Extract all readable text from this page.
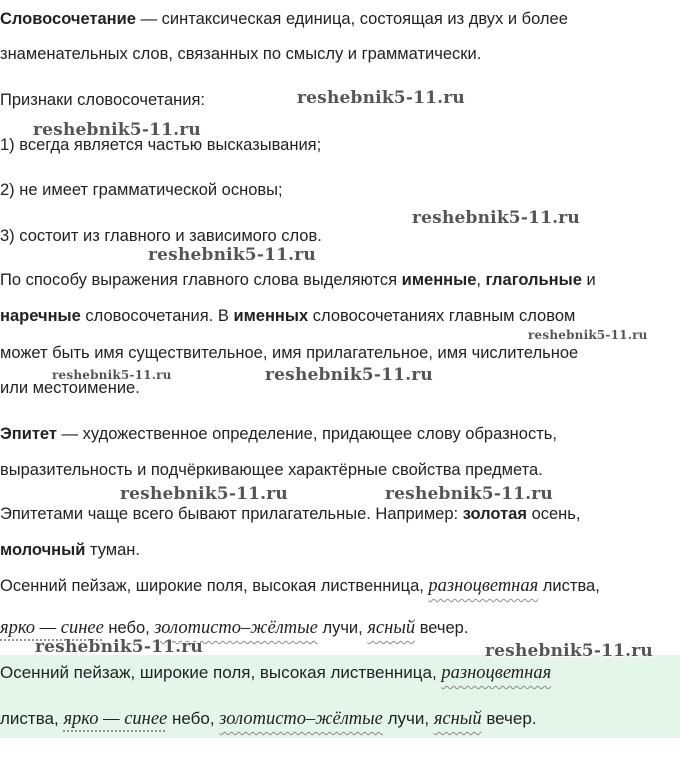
Словосочетание — синтаксическая единица, состоящая из двух и более
знаменательных слов, связанных по смыслу и грамматически.
Признаки словосочетания:
1) всегда является частью высказывания;
2) не имеет грамматической основы;
3) состоит из главного и зависимого слов.
По способу выражения главного слова выделяются именные, глагольные и
наречные словосочетания. В именных словосочетаниях главным словом
может быть имя существительное, имя прилагательное, имя числительное
или местоимение.
Эпитет — художественное определение, придающее слову образность,
выразительность и подчёркивающее характёрные свойства предмета.
Эпитетами чаще всего бывают прилагательные. Например: золотая осень,
молочный туман.
Осенний пейзаж, широкие поля, высокая лиственница, разноцветная листва,
ярко — синее небо, золотисто–жёлтые лучи, ясный вечер.
Осенний пейзаж, широкие поля, высокая лиственница, разноцветная
листва, ярко — синее небо, золотисто–жёлтые лучи, ясный вечер.
reshebnik5-11.ru
reshebnik5-11.ru
reshebnik5-11.ru
reshebnik5-11.ru
reshebnik5-11.ru
reshebnik5-11.ru	reshebnik5-11.ru
reshebnik5-11.ru	reshebnik5-11.ru
reshebnik5-11.ru	reshebnik5-11.ru
